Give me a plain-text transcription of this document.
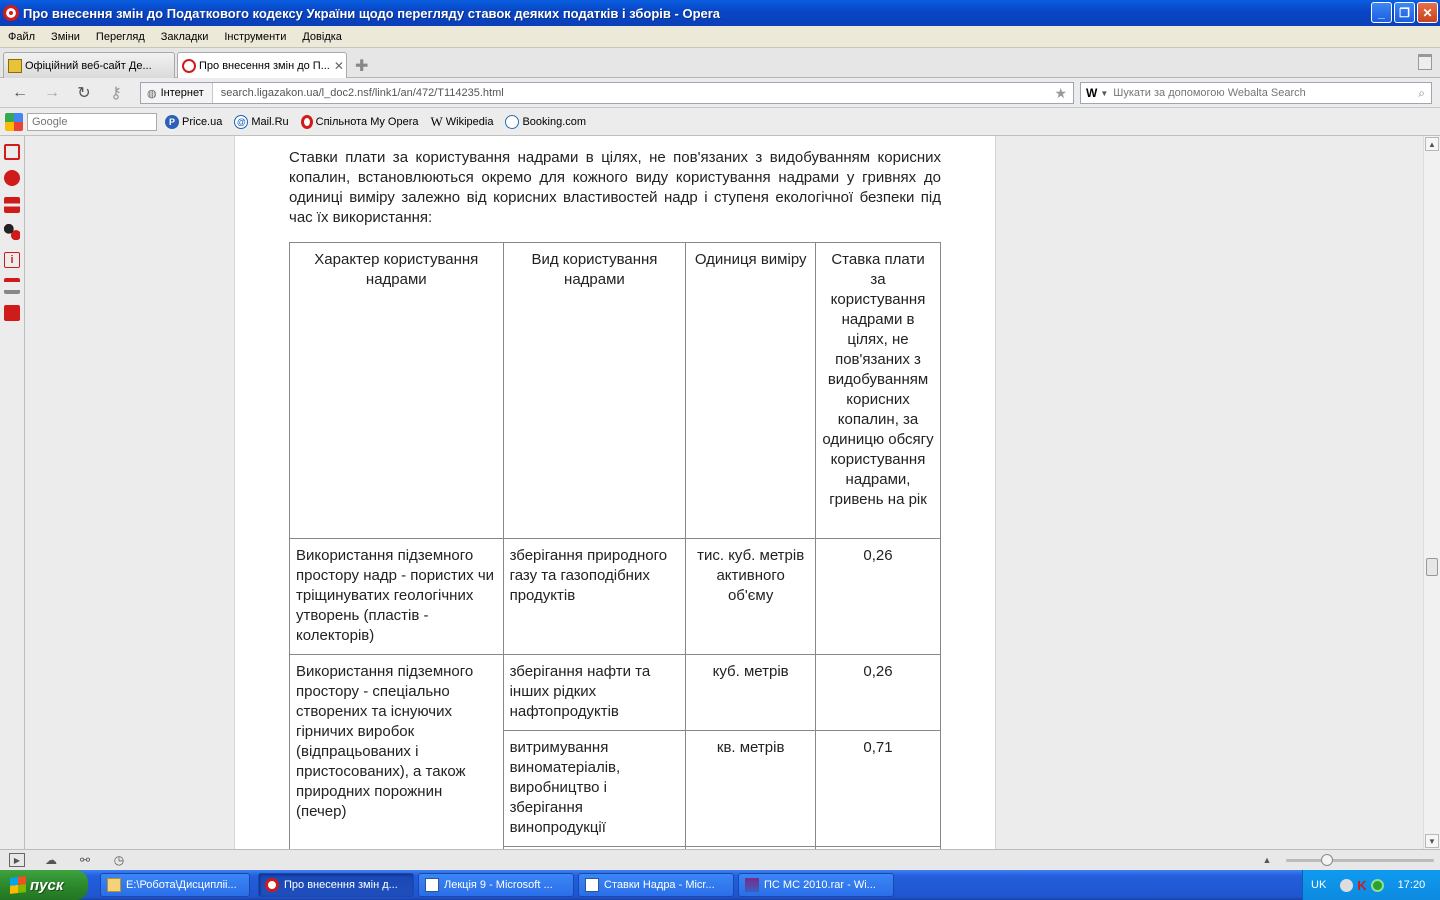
Про внесення змін до Податкового кодексу України щодо перегляду ставок деяких податків і зборів - Opera	_	❐	✕
Файл	Зміни	Перегляд	Закладки	Інструменти	Довідка
Офіційний веб-сайт Де...	Про внесення змін до П... ✕ ✚
← → ↻ ⚷	◍ Інтернет	search.ligazakon.ua/l_doc2.nsf/link1/an/472/T114235.html	★ W ▼
Шукати за допомогою Webalta Search	⌕
Google
P Price.ua @ Mail.Ru Спільнота My Opera W Wikipedia	Booking.com
i

Ставки плати за користування надрами в цілях, не пов'язаних з видобуванням корисних копалин, встановлюються окремо для кожного виду користування надрами у гривнях до одиниці виміру залежно від корисних властивостей надр і ступеня екологічної безпеки під час їх використання:

Характер користування надрами	Вид користування надрами	Одиниця виміру	Ставка плати за користування надрами в цілях, не пов'язаних з видобуванням корисних копалин, за одиницю обсягу користування надрами, гривень на рік
Використання підземного простору надр - пористих чи тріщинуватих геологічних утворень (пластів - колекторів)	зберігання природного газу та газоподібних продуктів	тис. куб. метрів активного об'єму	0,26
Використання підземного простору - спеціально створених та існуючих гірничих виробок (відпрацьованих і пристосованих), а також природних порожнин (печер)	зберігання нафти та інших рідких нафтопродуктів	куб. метрів	0,26
	витримування виноматеріалів, виробництво і зберігання винопродукції	кв. метрів	0,71

▲
▼
▶	☁ ⚯ ◷	▲
пуск	E:\Робота\Дисципліі...	Про внесення змін д...	Лекція 9 - Microsoft ...	Ставки Надра - Micr...	ПС МС 2010.rar - Wi...	UK K	17:20
